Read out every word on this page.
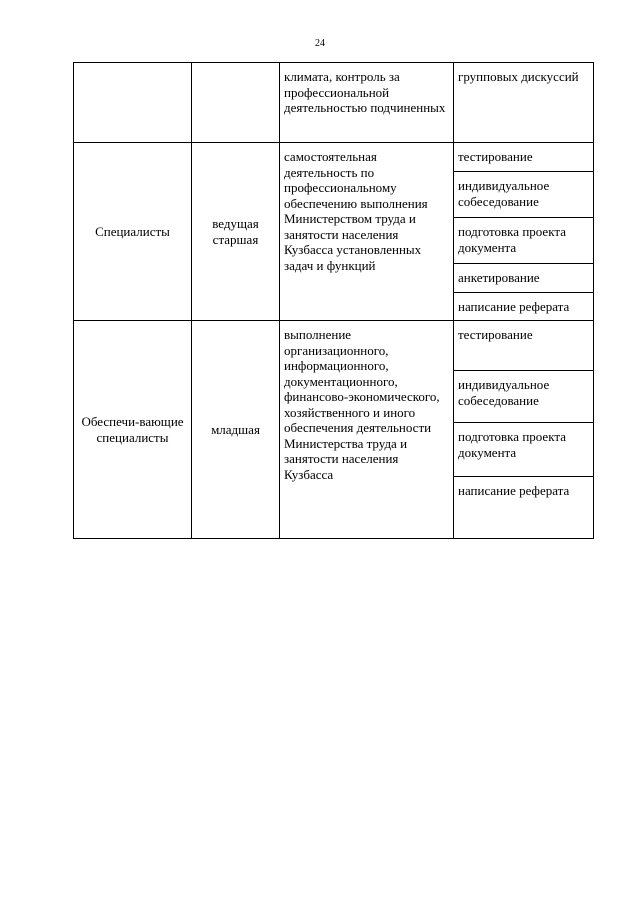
24
		климата, контроль за профессиональной деятельностью подчиненных	групповых дискуссий
Специалисты	ведущая старшая	самостоятельная деятельность по профессиональному обеспечению выполнения Министерством труда и занятости населения Кузбасса установленных задач и функций	тестирование
			индивидуальное собеседование
			подготовка проекта документа
			анкетирование
			написание реферата
Обеспечи-вающие специалисты	младшая	выполнение организационного, информационного, документационного, финансово-экономического, хозяйственного и иного обеспечения деятельности Министерства труда и занятости населения Кузбасса	тестирование
			индивидуальное собеседование
			подготовка проекта документа
			написание реферата
